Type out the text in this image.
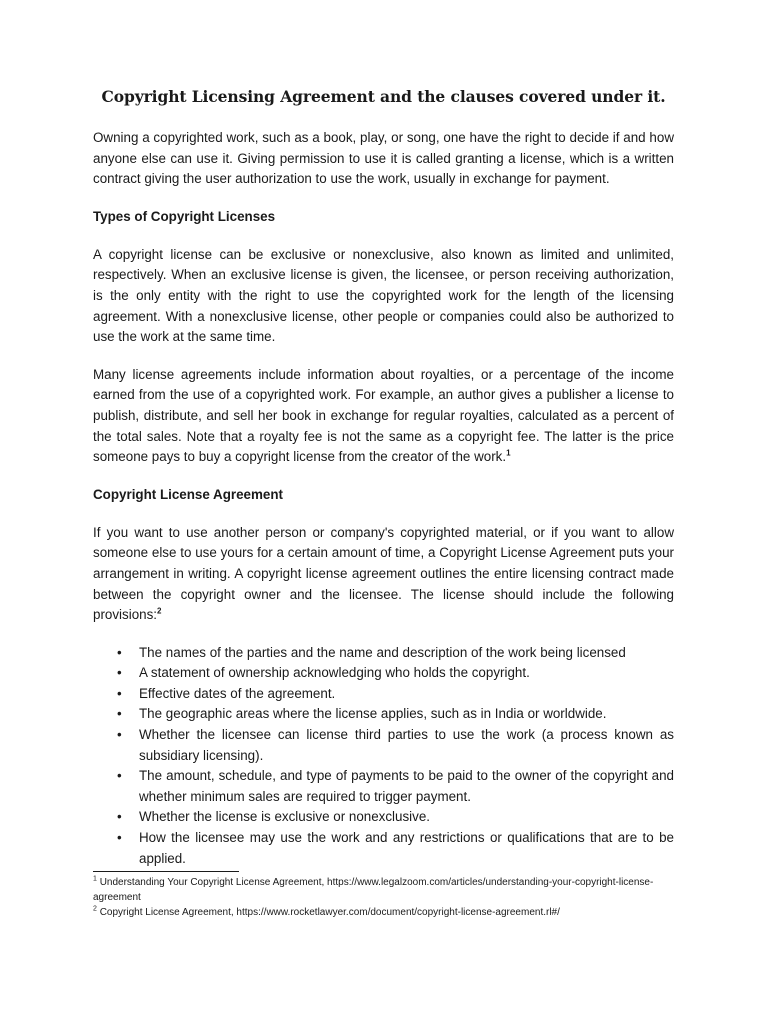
Copyright Licensing Agreement and the clauses covered under it.

Owning a copyrighted work, such as a book, play, or song, one have the right to decide if and how anyone else can use it. Giving permission to use it is called granting a license, which is a written contract giving the user authorization to use the work, usually in exchange for payment.

Types of Copyright Licenses

A copyright license can be exclusive or nonexclusive, also known as limited and unlimited, respectively. When an exclusive license is given, the licensee, or person receiving authorization, is the only entity with the right to use the copyrighted work for the length of the licensing agreement. With a nonexclusive license, other people or companies could also be authorized to use the work at the same time.

Many license agreements include information about royalties, or a percentage of the income earned from the use of a copyrighted work. For example, an author gives a publisher a license to publish, distribute, and sell her book in exchange for regular royalties, calculated as a percent of the total sales. Note that a royalty fee is not the same as a copyright fee. The latter is the price someone pays to buy a copyright license from the creator of the work.$^1$

Copyright License Agreement

If you want to use another person or company's copyrighted material, or if you want to allow someone else to use yours for a certain amount of time, a Copyright License Agreement puts your arrangement in writing. A copyright license agreement outlines the entire licensing contract made between the copyright owner and the licensee. The license should include the following provisions:$^2$

• The names of the parties and the name and description of the work being licensed
• A statement of ownership acknowledging who holds the copyright.
• Effective dates of the agreement.
• The geographic areas where the license applies, such as in India or worldwide.
• Whether the licensee can license third parties to use the work (a process known as subsidiary licensing).
• The amount, schedule, and type of payments to be paid to the owner of the copyright and whether minimum sales are required to trigger payment.
• Whether the license is exclusive or nonexclusive.
• How the licensee may use the work and any restrictions or qualifications that are to be applied.

$^1$ Understanding Your Copyright License Agreement, https://www.legalzoom.com/articles/understanding-your-copyright-license-agreement

$^2$ Copyright License Agreement, https://www.rocketlawyer.com/document/copyright-license-agreement.rl#/
